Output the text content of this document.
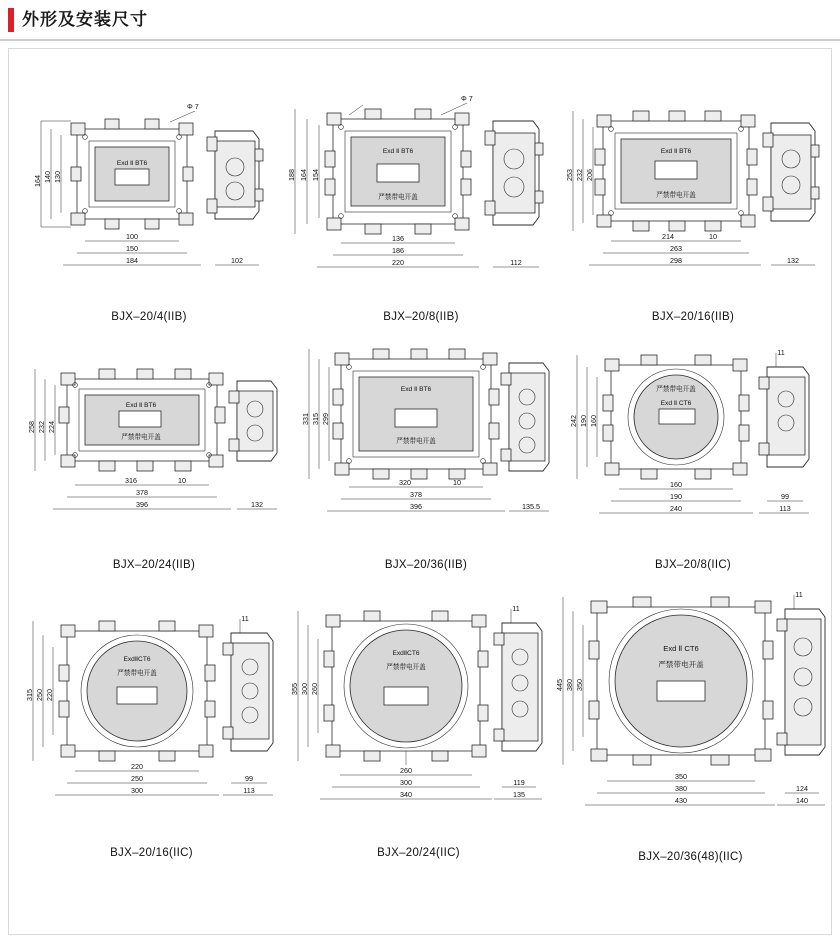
外形及安装尺寸
Φ 7
Exd Ⅱ BT6
164 140 130
100
150
184	102
BJX–20/4(IIB)
Exd Ⅱ BT6
严禁带电开盖
Φ 7
188 164 154
136
186
220	112
BJX–20/8(IIB)
Exd Ⅱ BT6
严禁带电开盖
253 232 206
214	10
263
298	132
BJX–20/16(IIB)
Exd Ⅱ BT6
严禁带电开盖
258 232 224
316	10
378
396	132
BJX–20/24(IIB)
Exd Ⅱ BT6
严禁带电开盖
331 315 299
320	10
378
396	135.5
BJX–20/36(IIB)
严禁带电开盖
Exd Ⅱ CT6
11
242 190 160
160
190
240
99
113
BJX–20/8(IIC)
ExdⅡCT6
严禁带电开盖
11
315 250 220
220
250
300
99
113
BJX–20/16(IIC)
ExdⅡCT6
严禁带电开盖
11
355 300 260
260
300
340
119
135
BJX–20/24(IIC)
Exd Ⅱ CT6
严禁带电开盖
11
445 380 350
350
380
430
124
140
BJX–20/36(48)(IIC)
